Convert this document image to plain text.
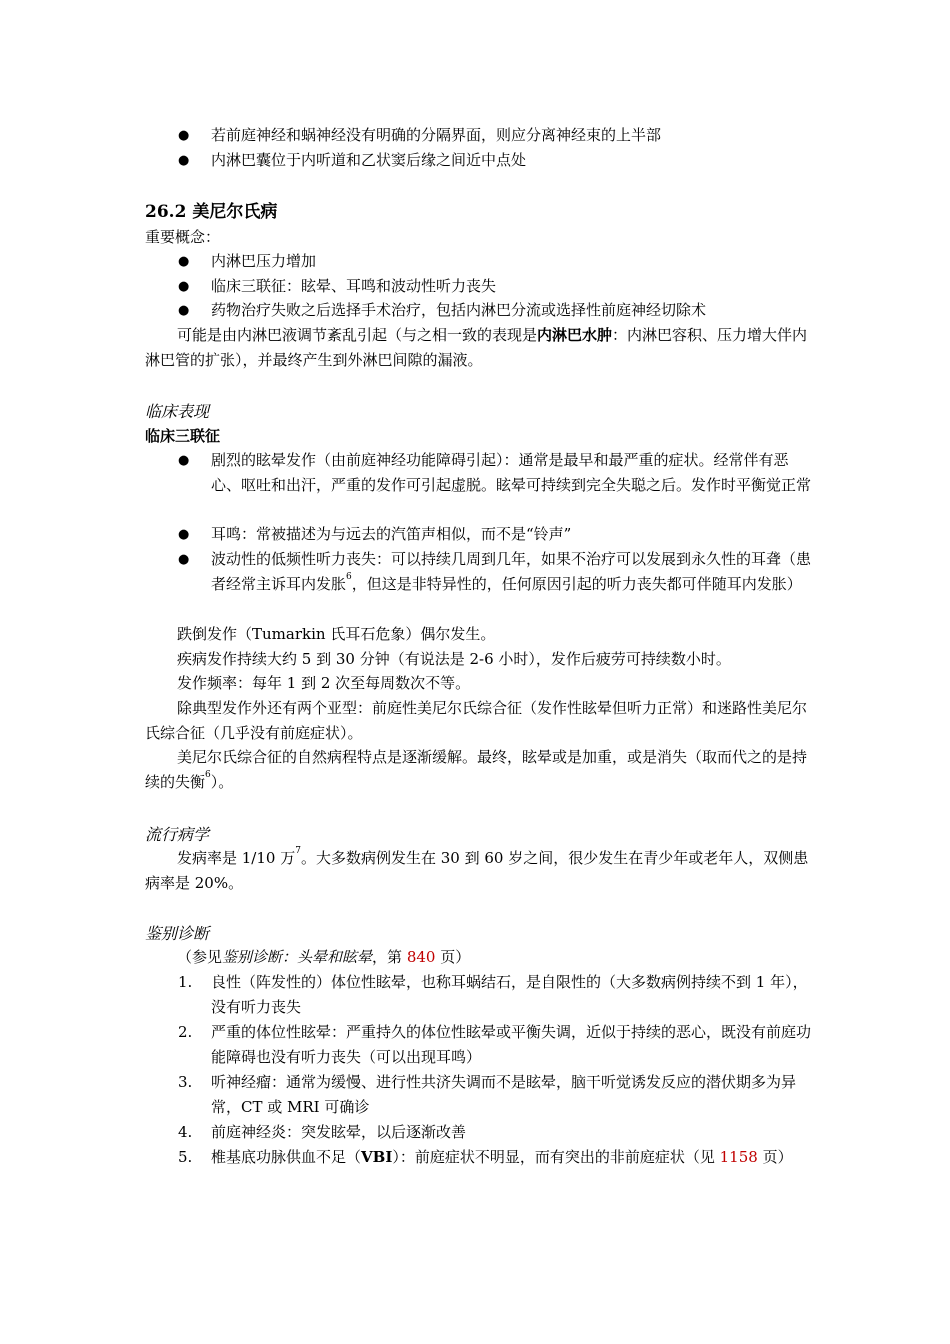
● 若前庭神经和蜗神经没有明确的分隔界面，则应分离神经束的上半部
● 内淋巴囊位于内听道和乙状窦后缘之间近中点处
26.2 美尼尔氏病
重要概念：
● 内淋巴压力增加
● 临床三联征：眩晕、耳鸣和波动性听力丧失
● 药物治疗失败之后选择手术治疗，包括内淋巴分流或选择性前庭神经切除术
可能是由内淋巴液调节紊乱引起（与之相一致的表现是内淋巴水肿：内淋巴容积、压力增大伴内淋巴管的扩张），并最终产生到外淋巴间隙的漏液。
临床表现
临床三联征
● 剧烈的眩晕发作（由前庭神经功能障碍引起）：通常是最早和最严重的症状。经常伴有恶心、呕吐和出汗，严重的发作可引起虚脱。眩晕可持续到完全失聪之后。发作时平衡觉正常
● 耳鸣：常被描述为与远去的汽笛声相似，而不是“铃声”
● 波动性的低频性听力丧失：可以持续几周到几年，如果不治疗可以发展到永久性的耳聋（患者经常主诉耳内发胀$^6$，但这是非特异性的，任何原因引起的听力丧失都可伴随耳内发胀）
跌倒发作（Tumarkin 氏耳石危象）偶尔发生。
疾病发作持续大约 5 到 30 分钟（有说法是 2-6 小时），发作后疲劳可持续数小时。
发作频率：每年 1 到 2 次至每周数次不等。
除典型发作外还有两个亚型：前庭性美尼尔氏综合征（发作性眩晕但听力正常）和迷路性美尼尔氏综合征（几乎没有前庭症状）。
美尼尔氏综合征的自然病程特点是逐渐缓解。最终，眩晕或是加重，或是消失（取而代之的是持续的失衡$^6$）。
流行病学
发病率是 1/10 万$^7$。大多数病例发生在 30 到 60 岁之间，很少发生在青少年或老年人，双侧患病率是 20%。
鉴别诊断
（参见鉴别诊断：头晕和眩晕，第 840 页）
1. 良性（阵发性的）体位性眩晕，也称耳蜗结石，是自限性的（大多数病例持续不到 1 年），没有听力丧失
2. 严重的体位性眩晕：严重持久的体位性眩晕或平衡失调，近似于持续的恶心，既没有前庭功能障碍也没有听力丧失（可以出现耳鸣）
3. 听神经瘤：通常为缓慢、进行性共济失调而不是眩晕，脑干听觉诱发反应的潜伏期多为异常，CT 或 MRI 可确诊
4. 前庭神经炎：突发眩晕，以后逐渐改善
5. 椎基底功脉供血不足（VBI）：前庭症状不明显，而有突出的非前庭症状（见 1158 页）
